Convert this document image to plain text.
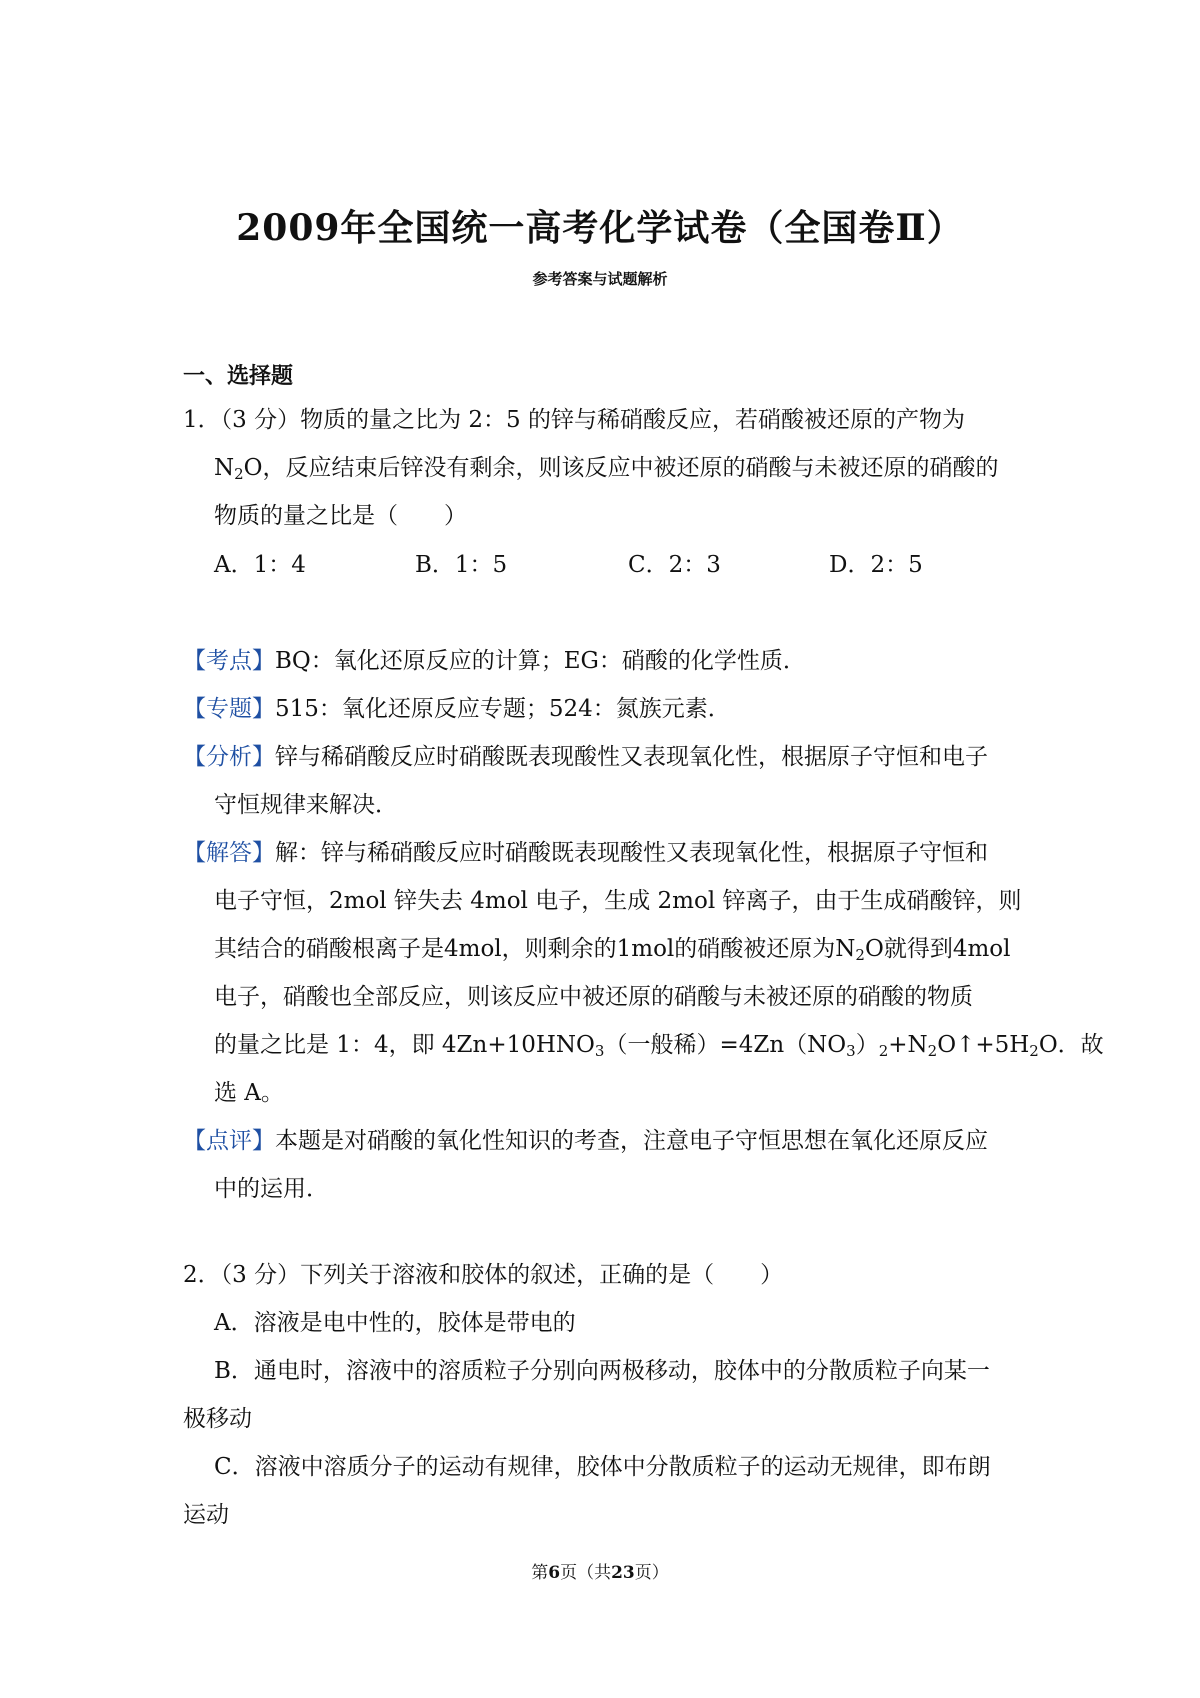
2009年全国统一高考化学试卷（全国卷Ⅱ）
参考答案与试题解析
一、选择题
1．（3 分）物质的量之比为 2：5 的锌与稀硝酸反应，若硝酸被还原的产物为
$N_2O$，反应结束后锌没有剩余，则该反应中被还原的硝酸与未被还原的硝酸的
物质的量之比是（　　）
A．1：4	B．1：5	C．2：3	D．2：5
【考点】BQ：氧化还原反应的计算；EG：硝酸的化学性质．
【专题】515：氧化还原反应专题；524：氮族元素．
【分析】锌与稀硝酸反应时硝酸既表现酸性又表现氧化性，根据原子守恒和电子
守恒规律来解决．
【解答】解：锌与稀硝酸反应时硝酸既表现酸性又表现氧化性，根据原子守恒和
电子守恒，2mol 锌失去 4mol 电子，生成 2mol 锌离子，由于生成硝酸锌，则
其结合的硝酸根离子是4mol，则剩余的1mol的硝酸被还原为$N_2O$就得到4mol
电子，硝酸也全部反应，则该反应中被还原的硝酸与未被还原的硝酸的物质
的量之比是 1：4，即 $4Zn+10HNO_3$（一般稀）$=4Zn(NO_3)_2+N_2O↑+5H_2O$．故
选 A。
【点评】本题是对硝酸的氧化性知识的考查，注意电子守恒思想在氧化还原反应
中的运用．
2．（3 分）下列关于溶液和胶体的叙述，正确的是（　　）
A．溶液是电中性的，胶体是带电的
B．通电时，溶液中的溶质粒子分别向两极移动，胶体中的分散质粒子向某一
极移动
C．溶液中溶质分子的运动有规律，胶体中分散质粒子的运动无规律，即布朗
运动
第6页（共23页）
